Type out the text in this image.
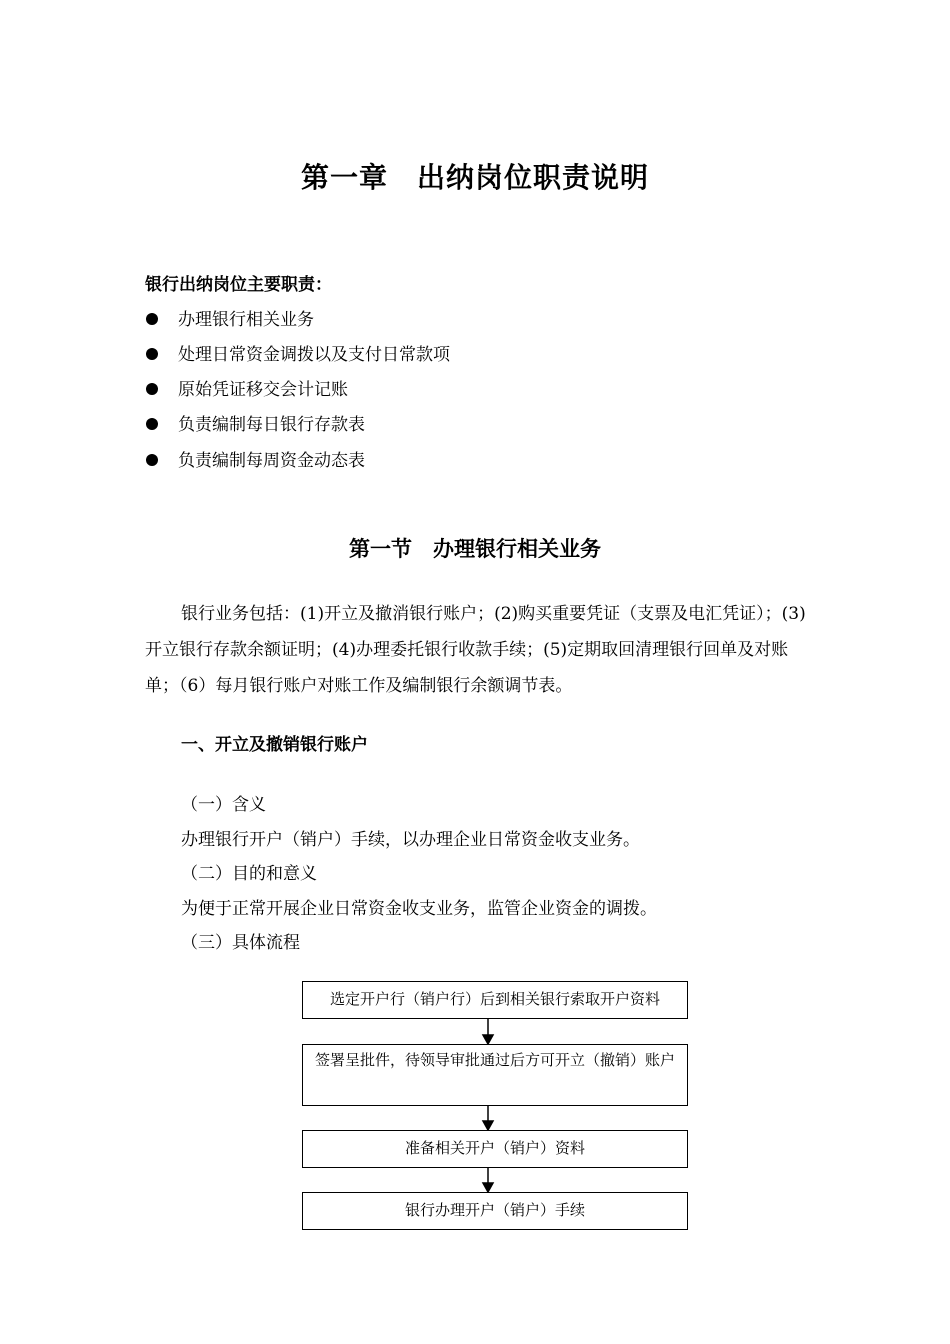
第一章　出纳岗位职责说明
银行出纳岗位主要职责：
办理银行相关业务
处理日常资金调拨以及支付日常款项
原始凭证移交会计记账
负责编制每日银行存款表
负责编制每周资金动态表
第一节　办理银行相关业务
银行业务包括：(1)开立及撤消银行账户；(2)购买重要凭证（支票及电汇凭证）；(3)开立银行存款余额证明；(4)办理委托银行收款手续；(5)定期取回清理银行回单及对账单；（6）每月银行账户对账工作及编制银行余额调节表。
一、开立及撤销银行账户
（一）含义
办理银行开户（销户）手续，以办理企业日常资金收支业务。
（二）目的和意义
为便于正常开展企业日常资金收支业务，监管企业资金的调拨。
（三）具体流程
选定开户行（销户行）后到相关银行索取开户资料
签署呈批件，待领导审批通过后方可开立（撤销）账户
准备相关开户（销户）资料
银行办理开户（销户）手续
